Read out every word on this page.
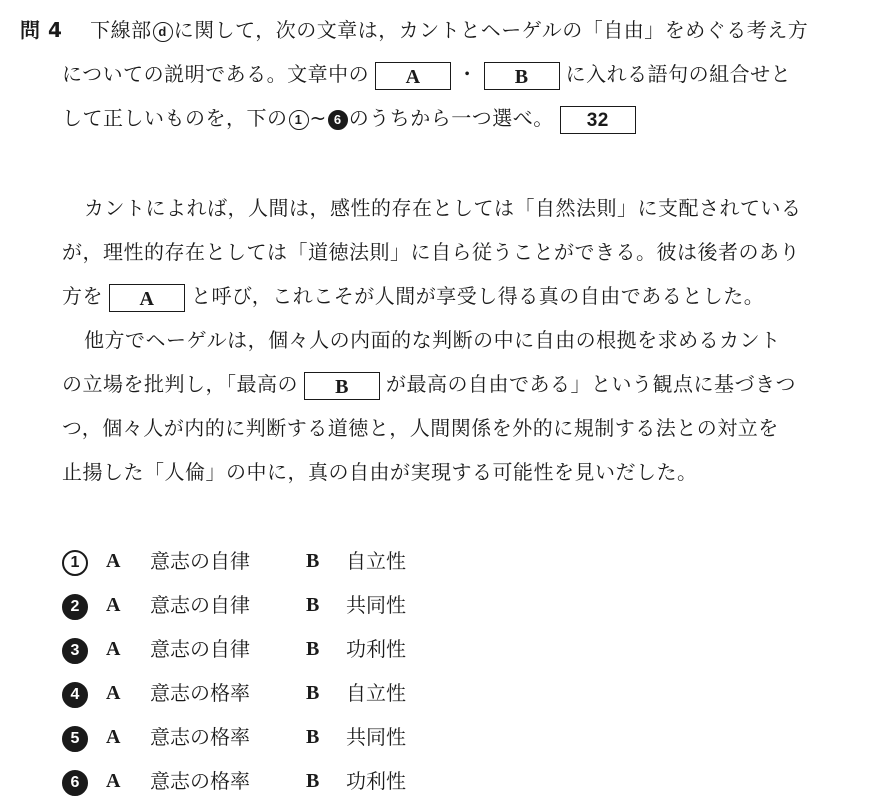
問 4 下線部 d に関して，次の文章は，カントとヘーゲルの「自由」をめぐる考え方
についての説明である。文章中の A ・ B に入れる語句の組合せと
して正しいものを，下の 1 ~ 6 のうちから一つ選べ。 32
カントによれば，人間は，感性的存在としては「自然法則」に支配されている
が，理性的存在としては「道徳法則」に自ら従うことができる。彼は後者のあり
方を A と呼び，これこそが人間が享受し得る真の自由であるとした。
他方でヘーゲルは，個々人の内面的な判断の中に自由の根拠を求めるカント
の立場を批判し，「最高の B が最高の自由である」という観点に基づきつ
つ，個々人が内的に判断する道徳と，人間関係を外的に規制する法との対立を
止揚した「人倫」の中に，真の自由が実現する可能性を見いだした。
1 A 意志の自律	B 自立性
2 A 意志の自律	B 共同性
3 A 意志の自律	B 功利性
4 A 意志の格率	B 自立性
5 A 意志の格率	B 共同性
6 A 意志の格率	B 功利性
